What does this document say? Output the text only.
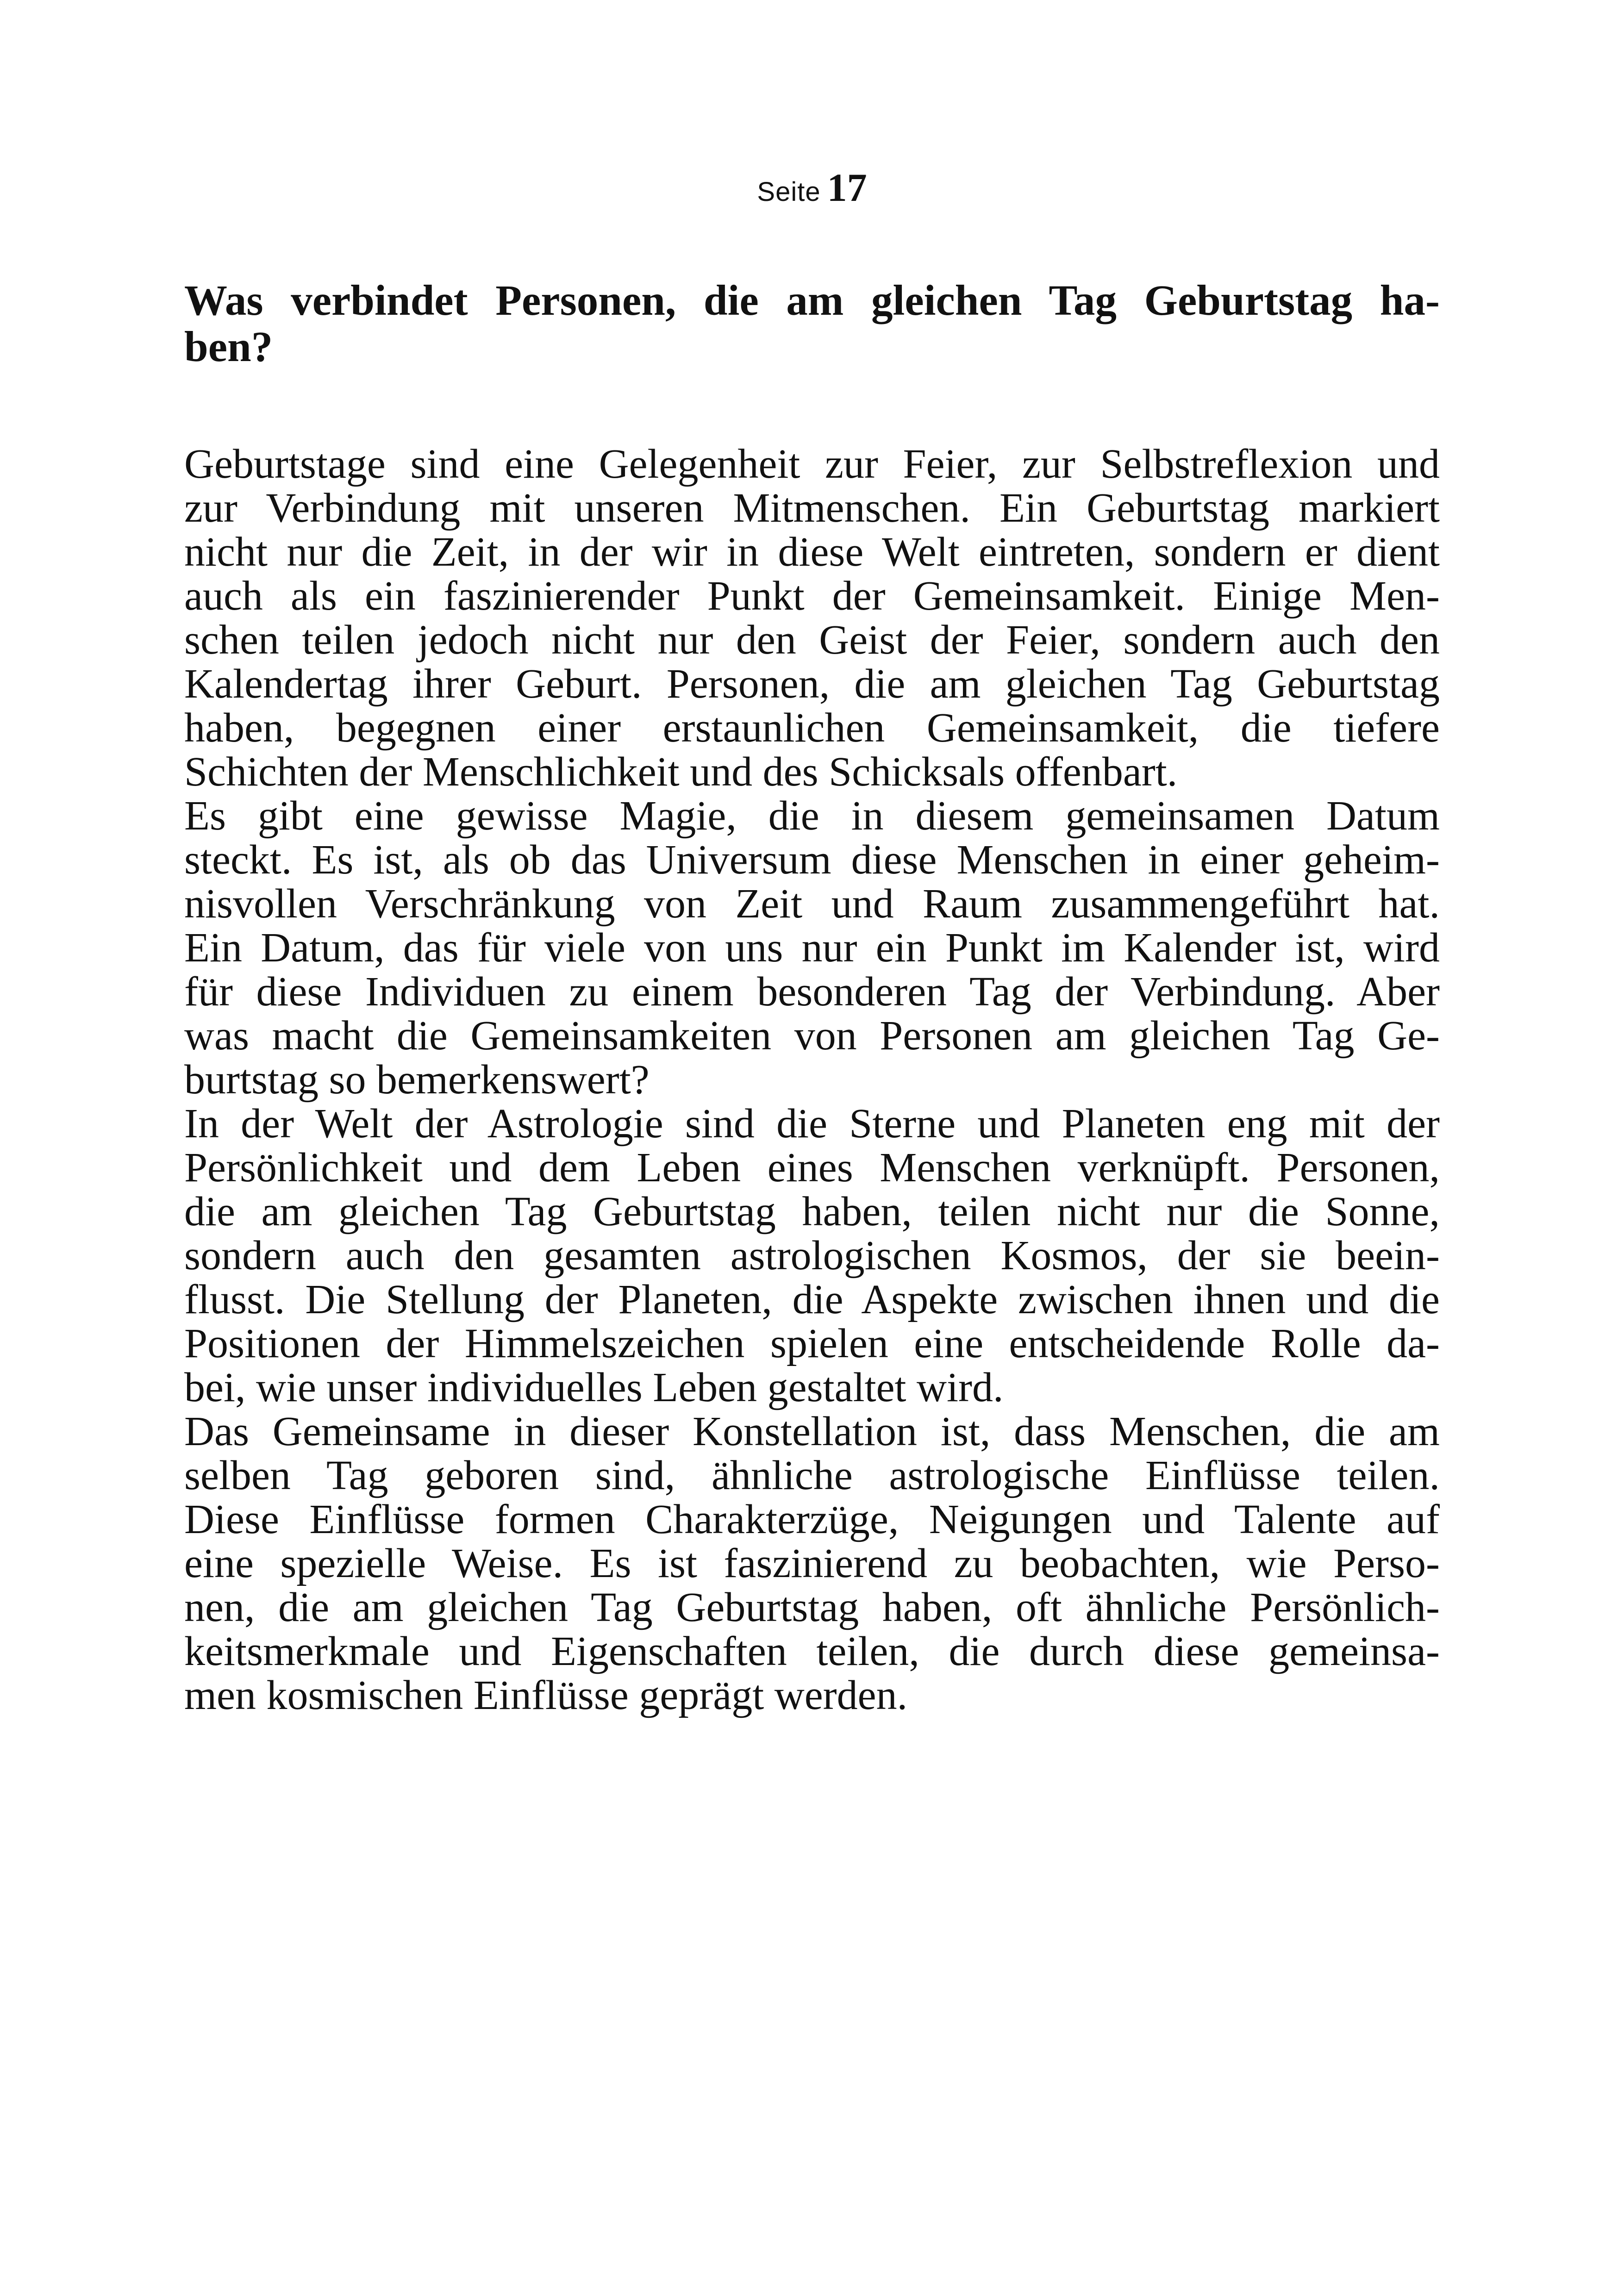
Seite 17
Was verbindet Personen, die am gleichen Tag Geburtstag ha-
ben?

Geburtstage sind eine Gelegenheit zur Feier, zur Selbstreflexion und
zur Verbindung mit unseren Mitmenschen. Ein Geburtstag markiert
nicht nur die Zeit, in der wir in diese Welt eintreten, sondern er dient
auch als ein faszinierender Punkt der Gemeinsamkeit. Einige Men-
schen teilen jedoch nicht nur den Geist der Feier, sondern auch den
Kalendertag ihrer Geburt. Personen, die am gleichen Tag Geburtstag
haben, begegnen einer erstaunlichen Gemeinsamkeit, die tiefere
Schichten der Menschlichkeit und des Schicksals offenbart.

Es gibt eine gewisse Magie, die in diesem gemeinsamen Datum
steckt. Es ist, als ob das Universum diese Menschen in einer geheim-
nisvollen Verschränkung von Zeit und Raum zusammengeführt hat.
Ein Datum, das für viele von uns nur ein Punkt im Kalender ist, wird
für diese Individuen zu einem besonderen Tag der Verbindung. Aber
was macht die Gemeinsamkeiten von Personen am gleichen Tag Ge-
burtstag so bemerkenswert?

In der Welt der Astrologie sind die Sterne und Planeten eng mit der
Persönlichkeit und dem Leben eines Menschen verknüpft. Personen,
die am gleichen Tag Geburtstag haben, teilen nicht nur die Sonne,
sondern auch den gesamten astrologischen Kosmos, der sie beein-
flusst. Die Stellung der Planeten, die Aspekte zwischen ihnen und die
Positionen der Himmelszeichen spielen eine entscheidende Rolle da-
bei, wie unser individuelles Leben gestaltet wird.

Das Gemeinsame in dieser Konstellation ist, dass Menschen, die am
selben Tag geboren sind, ähnliche astrologische Einflüsse teilen.
Diese Einflüsse formen Charakterzüge, Neigungen und Talente auf
eine spezielle Weise. Es ist faszinierend zu beobachten, wie Perso-
nen, die am gleichen Tag Geburtstag haben, oft ähnliche Persönlich-
keitsmerkmale und Eigenschaften teilen, die durch diese gemeinsa-
men kosmischen Einflüsse geprägt werden.
